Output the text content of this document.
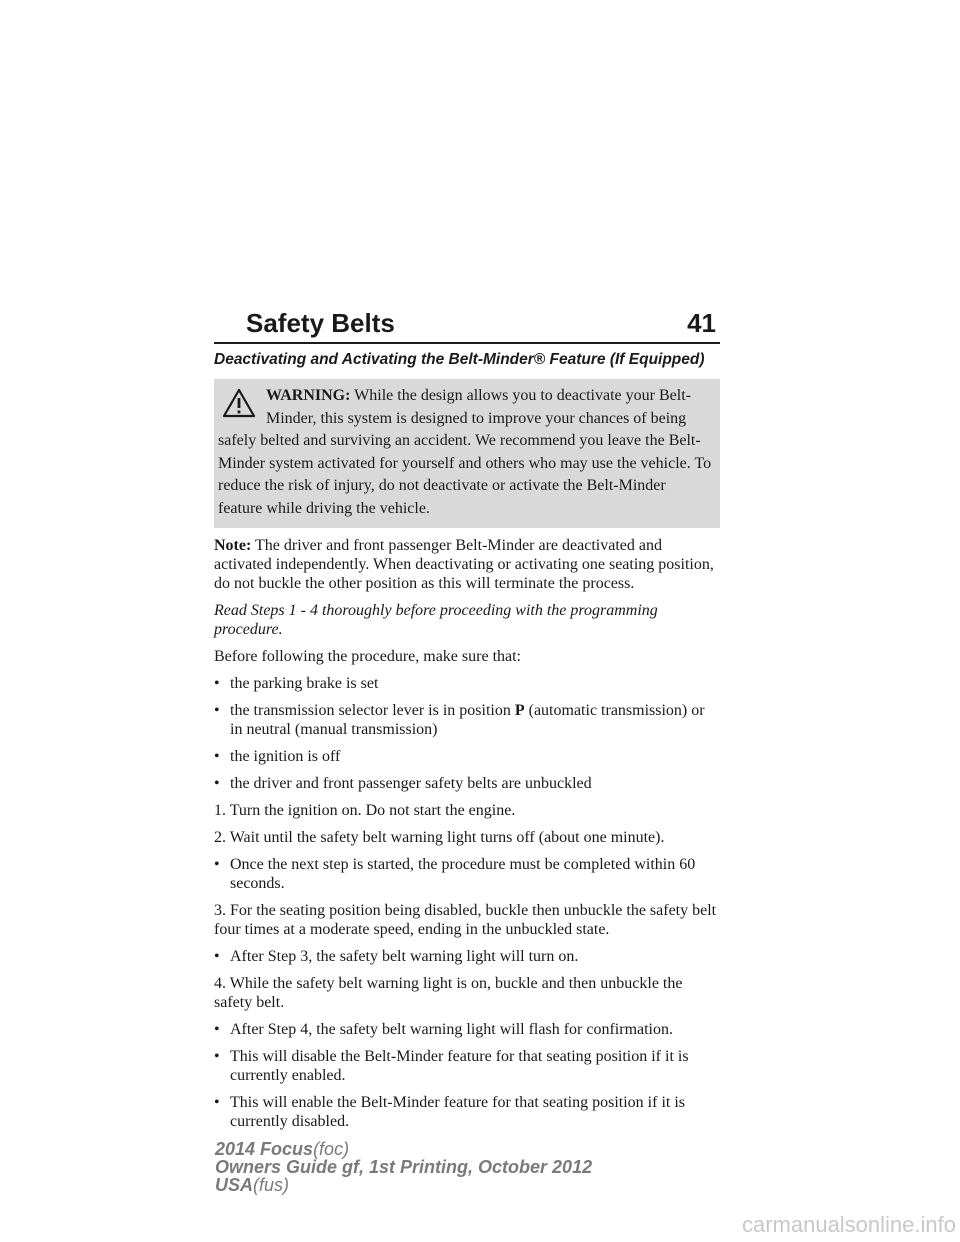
Safety Belts	41
Deactivating and Activating the Belt-Minder® Feature (If Equipped)
WARNING: While the design allows you to deactivate your Belt-Minder, this system is designed to improve your chances of being safely belted and surviving an accident. We recommend you leave the Belt-Minder system activated for yourself and others who may use the vehicle. To reduce the risk of injury, do not deactivate or activate the Belt-Minder feature while driving the vehicle.

Note: The driver and front passenger Belt-Minder are deactivated and activated independently. When deactivating or activating one seating position, do not buckle the other position as this will terminate the process.

Read Steps 1 - 4 thoroughly before proceeding with the programming procedure.

Before following the procedure, make sure that:

• the parking brake is set
• the transmission selector lever is in position P (automatic transmission) or in neutral (manual transmission)
• the ignition is off
• the driver and front passenger safety belts are unbuckled

1. Turn the ignition on. Do not start the engine.

2. Wait until the safety belt warning light turns off (about one minute).

• Once the next step is started, the procedure must be completed within 60 seconds.

3. For the seating position being disabled, buckle then unbuckle the safety belt four times at a moderate speed, ending in the unbuckled state.

• After Step 3, the safety belt warning light will turn on.

4. While the safety belt warning light is on, buckle and then unbuckle the safety belt.

• After Step 4, the safety belt warning light will flash for confirmation.
• This will disable the Belt-Minder feature for that seating position if it is currently enabled.
• This will enable the Belt-Minder feature for that seating position if it is currently disabled.
2014 Focus(foc)
Owners Guide gf, 1st Printing, October 2012
USA(fus)
carmanualsonline.info
